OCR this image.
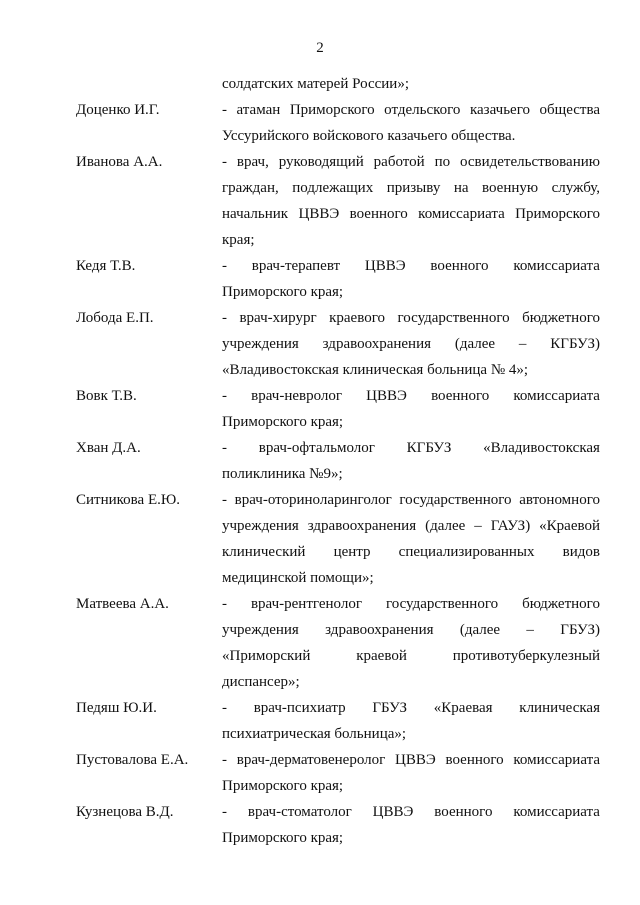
2
солдатских матерей России»;
Доценко И.Г.	- атаман Приморского отдельского казачьего общества
Уссурийского войскового казачьего общества.
Иванова А.А.	- врач, руководящий работой по освидетельствованию
граждан, подлежащих призыву на военную службу,
начальник ЦВВЭ военного комиссариата Приморского
края;
Кедя Т.В.	- врач-терапевт ЦВВЭ военного комиссариата
Приморского края;
Лобода Е.П.	- врач-хирург краевого государственного бюджетного
учреждения здравоохранения (далее – КГБУЗ)
«Владивостокская клиническая больница № 4»;
Вовк Т.В.	- врач-невролог ЦВВЭ военного комиссариата
Приморского края;
Хван Д.А.	- врач-офтальмолог КГБУЗ «Владивостокская
поликлиника №9»;
Ситникова Е.Ю.	- врач-оториноларинголог государственного автономного
учреждения здравоохранения (далее – ГАУЗ) «Краевой
клинический центр специализированных видов
медицинской помощи»;
Матвеева А.А.	- врач-рентгенолог государственного бюджетного
учреждения здравоохранения (далее – ГБУЗ)
«Приморский	краевой	противотуберкулезный
диспансер»;
Педяш Ю.И.	- врач-психиатр ГБУЗ «Краевая клиническая
психиатрическая больница»;
Пустовалова Е.А.	- врач-дерматовенеролог ЦВВЭ военного комиссариата
Приморского края;
Кузнецова В.Д.	- врач-стоматолог ЦВВЭ военного комиссариата
Приморского края;
